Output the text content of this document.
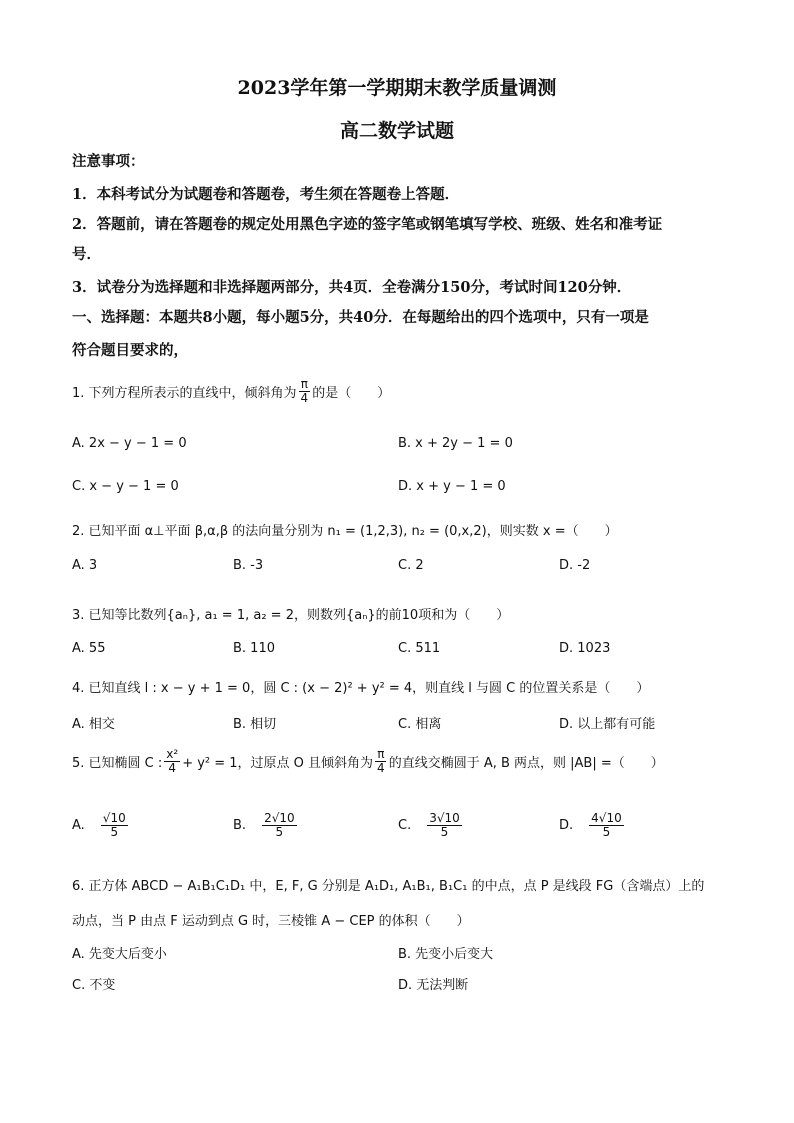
2023学年第一学期期末教学质量调测
高二数学试题
注意事项：
1．本科考试分为试题卷和答题卷，考生须在答题卷上答题．
2．答题前，请在答题卷的规定处用黑色字迹的签字笔或钢笔填写学校、班级、姓名和准考证
号．
3．试卷分为选择题和非选择题两部分，共4页．全卷满分150分，考试时间120分钟．
一、选择题：本题共8小题，每小题5分，共40分．在每题给出的四个选项中，只有一项是
符合题目要求的，
1. 下列方程所表示的直线中，倾斜角为 $\frac{\pi}{4}$ 的是（　　）
A. 2x − y − 1 = 0	B. x + 2y − 1 = 0
C. x − y − 1 = 0	D. x + y − 1 = 0
2. 已知平面 α⊥平面 β,α,β 的法向量分别为 n₁ = (1,2,3), n₂ = (0,x,2)，则实数 x =（　　）
A. 3	B. -3	C. 2	D. -2
3. 已知等比数列{aₙ}, a₁ = 1, a₂ = 2，则数列{aₙ}的前10项和为（　　）
A. 55	B. 110	C. 511	D. 1023
4. 已知直线 l : x − y + 1 = 0，圆 C : (x − 2)² + y² = 4，则直线 l 与圆 C 的位置关系是（　　）
A. 相交	B. 相切	C. 相离	D. 以上都有可能
5. 已知椭圆 C : $\frac{\text{x²}}{4} + y^2 = 1$，过原点 O 且倾斜角为 $\frac{\pi}{4}$ 的直线交椭圆于 A, B 两点，则 |AB| =（　　）
A. $\frac{√10}{5}$	B. $\frac{2√10}{5}$	C. $\frac{3√10}{5}$	D. $\frac{4√10}{5}$
6. 正方体 ABCD − A₁B₁C₁D₁ 中，E, F, G 分别是 A₁D₁, A₁B₁, B₁C₁ 的中点，点 P 是线段 FG（含端点）上的
动点，当 P 由点 F 运动到点 G 时，三棱锥 A − CEP 的体积（　　）
A. 先变大后变小	B. 先变小后变大
C. 不变	D. 无法判断
